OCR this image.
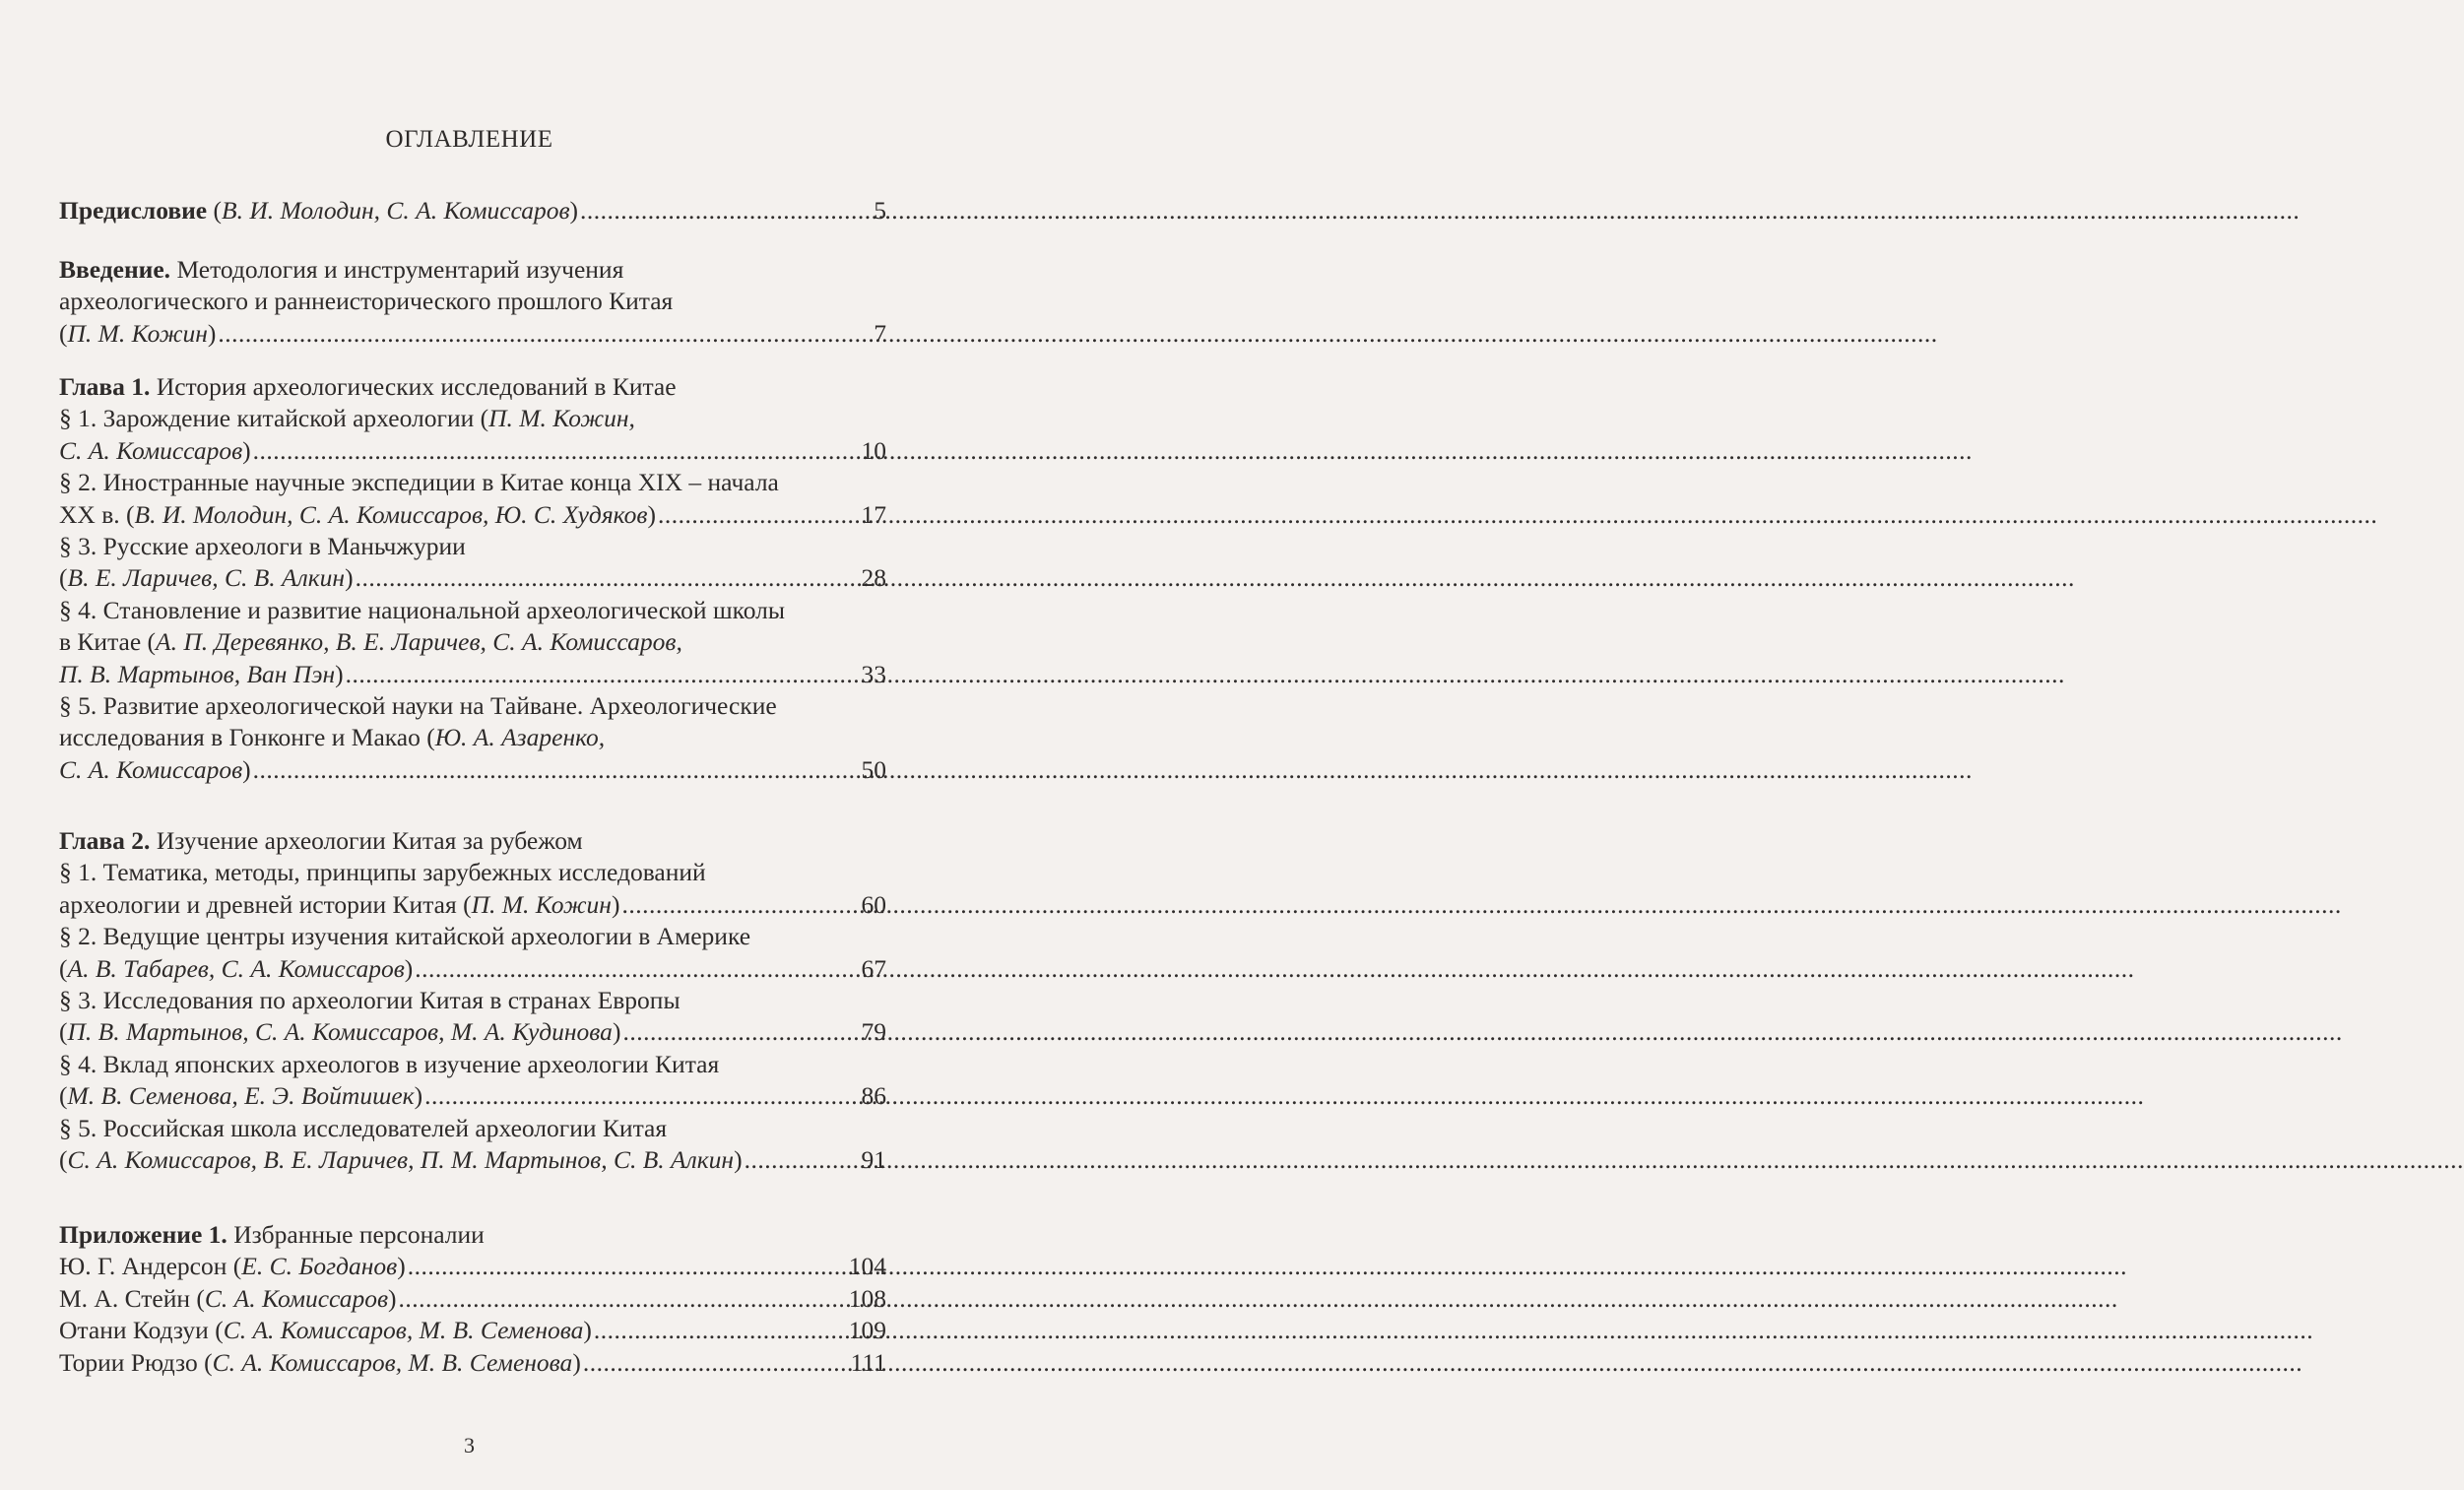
ОГЛАВЛЕНИЕ
Предисловие (В. И. Молодин, С. А. Комиссаров) .....	5
Введение. Методология и инструментарий изучения
археологического и раннеисторического прошлого Китая
(П. М. Кожин) .....	7
Глава 1. История археологических исследований в Китае
§ 1. Зарождение китайской археологии (П. М. Кожин,
С. А. Комиссаров) .....	10
§ 2. Иностранные научные экспедиции в Китае конца XIX – начала
XX в. (В. И. Молодин, С. А. Комиссаров, Ю. С. Худяков) .....	17
§ 3. Русские археологи в Маньчжурии
(В. Е. Ларичев, С. В. Алкин) .....	28
§ 4. Становление и развитие национальной археологической школы
в Китае (А. П. Деревянко, В. Е. Ларичев, С. А. Комиссаров,
П. В. Мартынов, Ван Пэн) .....	33
§ 5. Развитие археологической науки на Тайване. Археологические
исследования в Гонконге и Макао (Ю. А. Азаренко,
С. А. Комиссаров) .....	50
Глава 2. Изучение археологии Китая за рубежом
§ 1. Тематика, методы, принципы зарубежных исследований
археологии и древней истории Китая (П. М. Кожин) .....	60
§ 2. Ведущие центры изучения китайской археологии в Америке
(А. В. Табарев, С. А. Комиссаров) .....	67
§ 3. Исследования по археологии Китая в странах Европы
(П. В. Мартынов, С. А. Комиссаров, М. А. Кудинова) .....	79
§ 4. Вклад японских археологов в изучение археологии Китая
(М. В. Семенова, Е. Э. Войтишек) .....	86
§ 5. Российская школа исследователей археологии Китая
(С. А. Комиссаров, В. Е. Ларичев, П. М. Мартынов, С. В. Алкин) .....	91
Приложение 1. Избранные персоналии
Ю. Г. Андерсон (Е. С. Богданов) .....	104
М. А. Стейн (С. А. Комиссаров) .....	108
Отани Кодзуи (С. А. Комиссаров, М. В. Семенова) .....	109
Тории Рюдзо (С. А. Комиссаров, М. В. Семенова) .....	111
3
